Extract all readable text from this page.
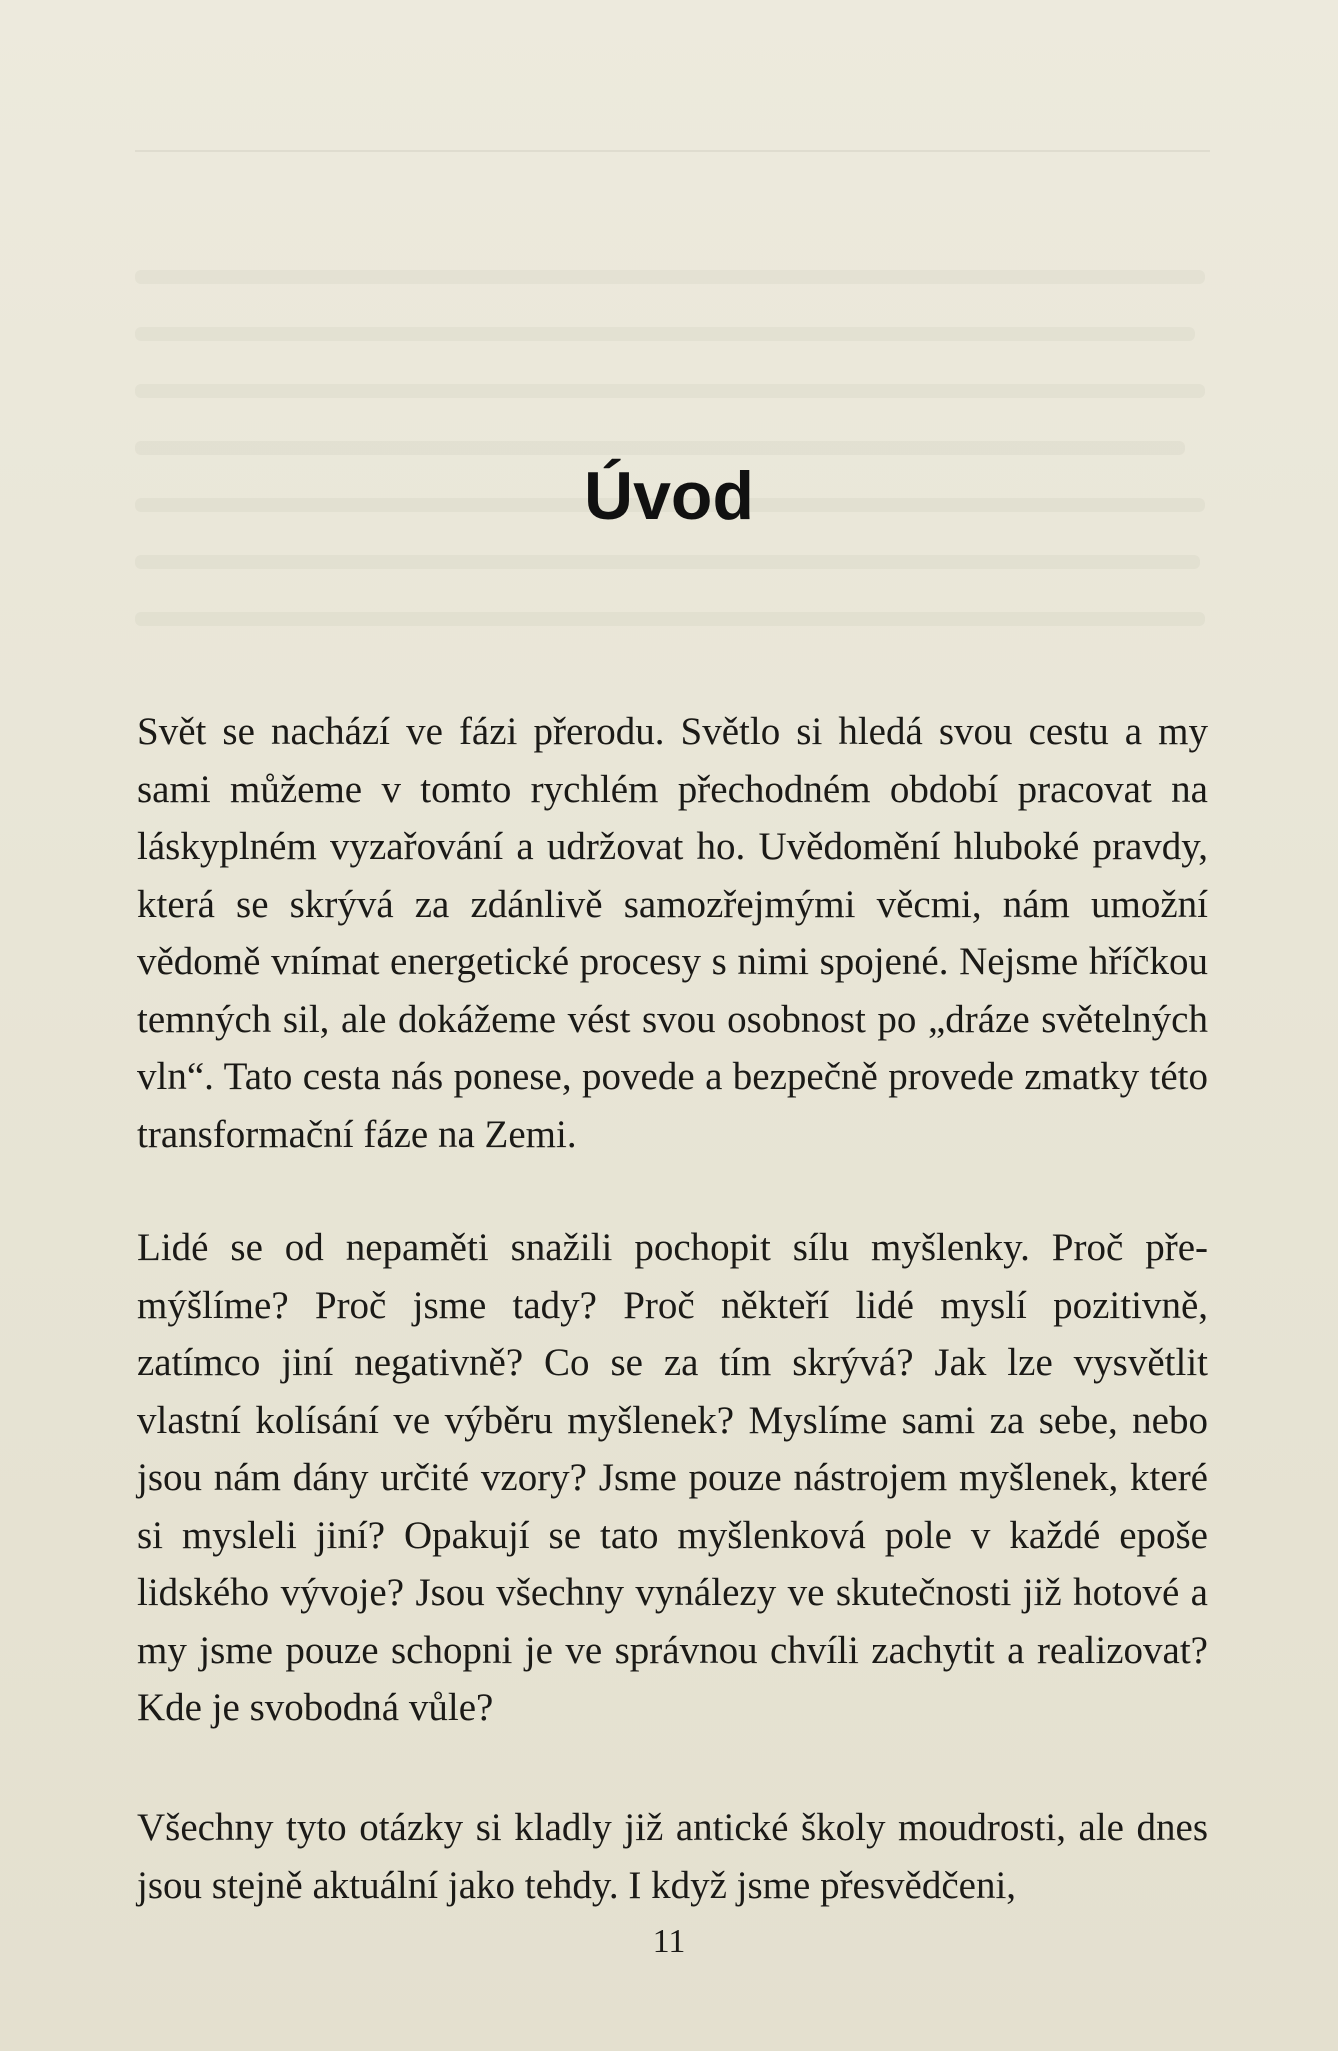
Úvod

Svět se nachází ve fázi přerodu. Světlo si hledá svou cestu a my sami můžeme v tomto rychlém přechodném období pracovat na láskyplném vyzařování a udržovat ho. Uvědomění hluboké pravdy, která se skrývá za zdánlivě samozřejmými věcmi, nám umožní vědomě vnímat energetické procesy s nimi spojené. Nejsme hříčkou temných sil, ale dokážeme vést svou osobnost po „dráze světelných vln“. Tato cesta nás ponese, povede a bezpečně provede zmatky této transformační fáze na Zemi.

Lidé se od nepaměti snažili pochopit sílu myšlenky. Proč přemýšlíme? Proč jsme tady? Proč někteří lidé myslí pozitivně, zatímco jiní negativně? Co se za tím skrývá? Jak lze vysvětlit vlastní kolísání ve výběru myšlenek? Myslíme sami za sebe, nebo jsou nám dány určité vzory? Jsme pouze nástrojem myšlenek, které si mysleli jiní? Opakují se tato myšlenková pole v každé epoše lidského vývoje? Jsou všechny vynálezy ve skutečnosti již hotové a my jsme pouze schopni je ve správnou chvíli zachytit a realizovat? Kde je svobodná vůle?

Všechny tyto otázky si kladly již antické školy moudrosti, ale dnes jsou stejně aktuální jako tehdy. I když jsme přesvědčeni,

11
